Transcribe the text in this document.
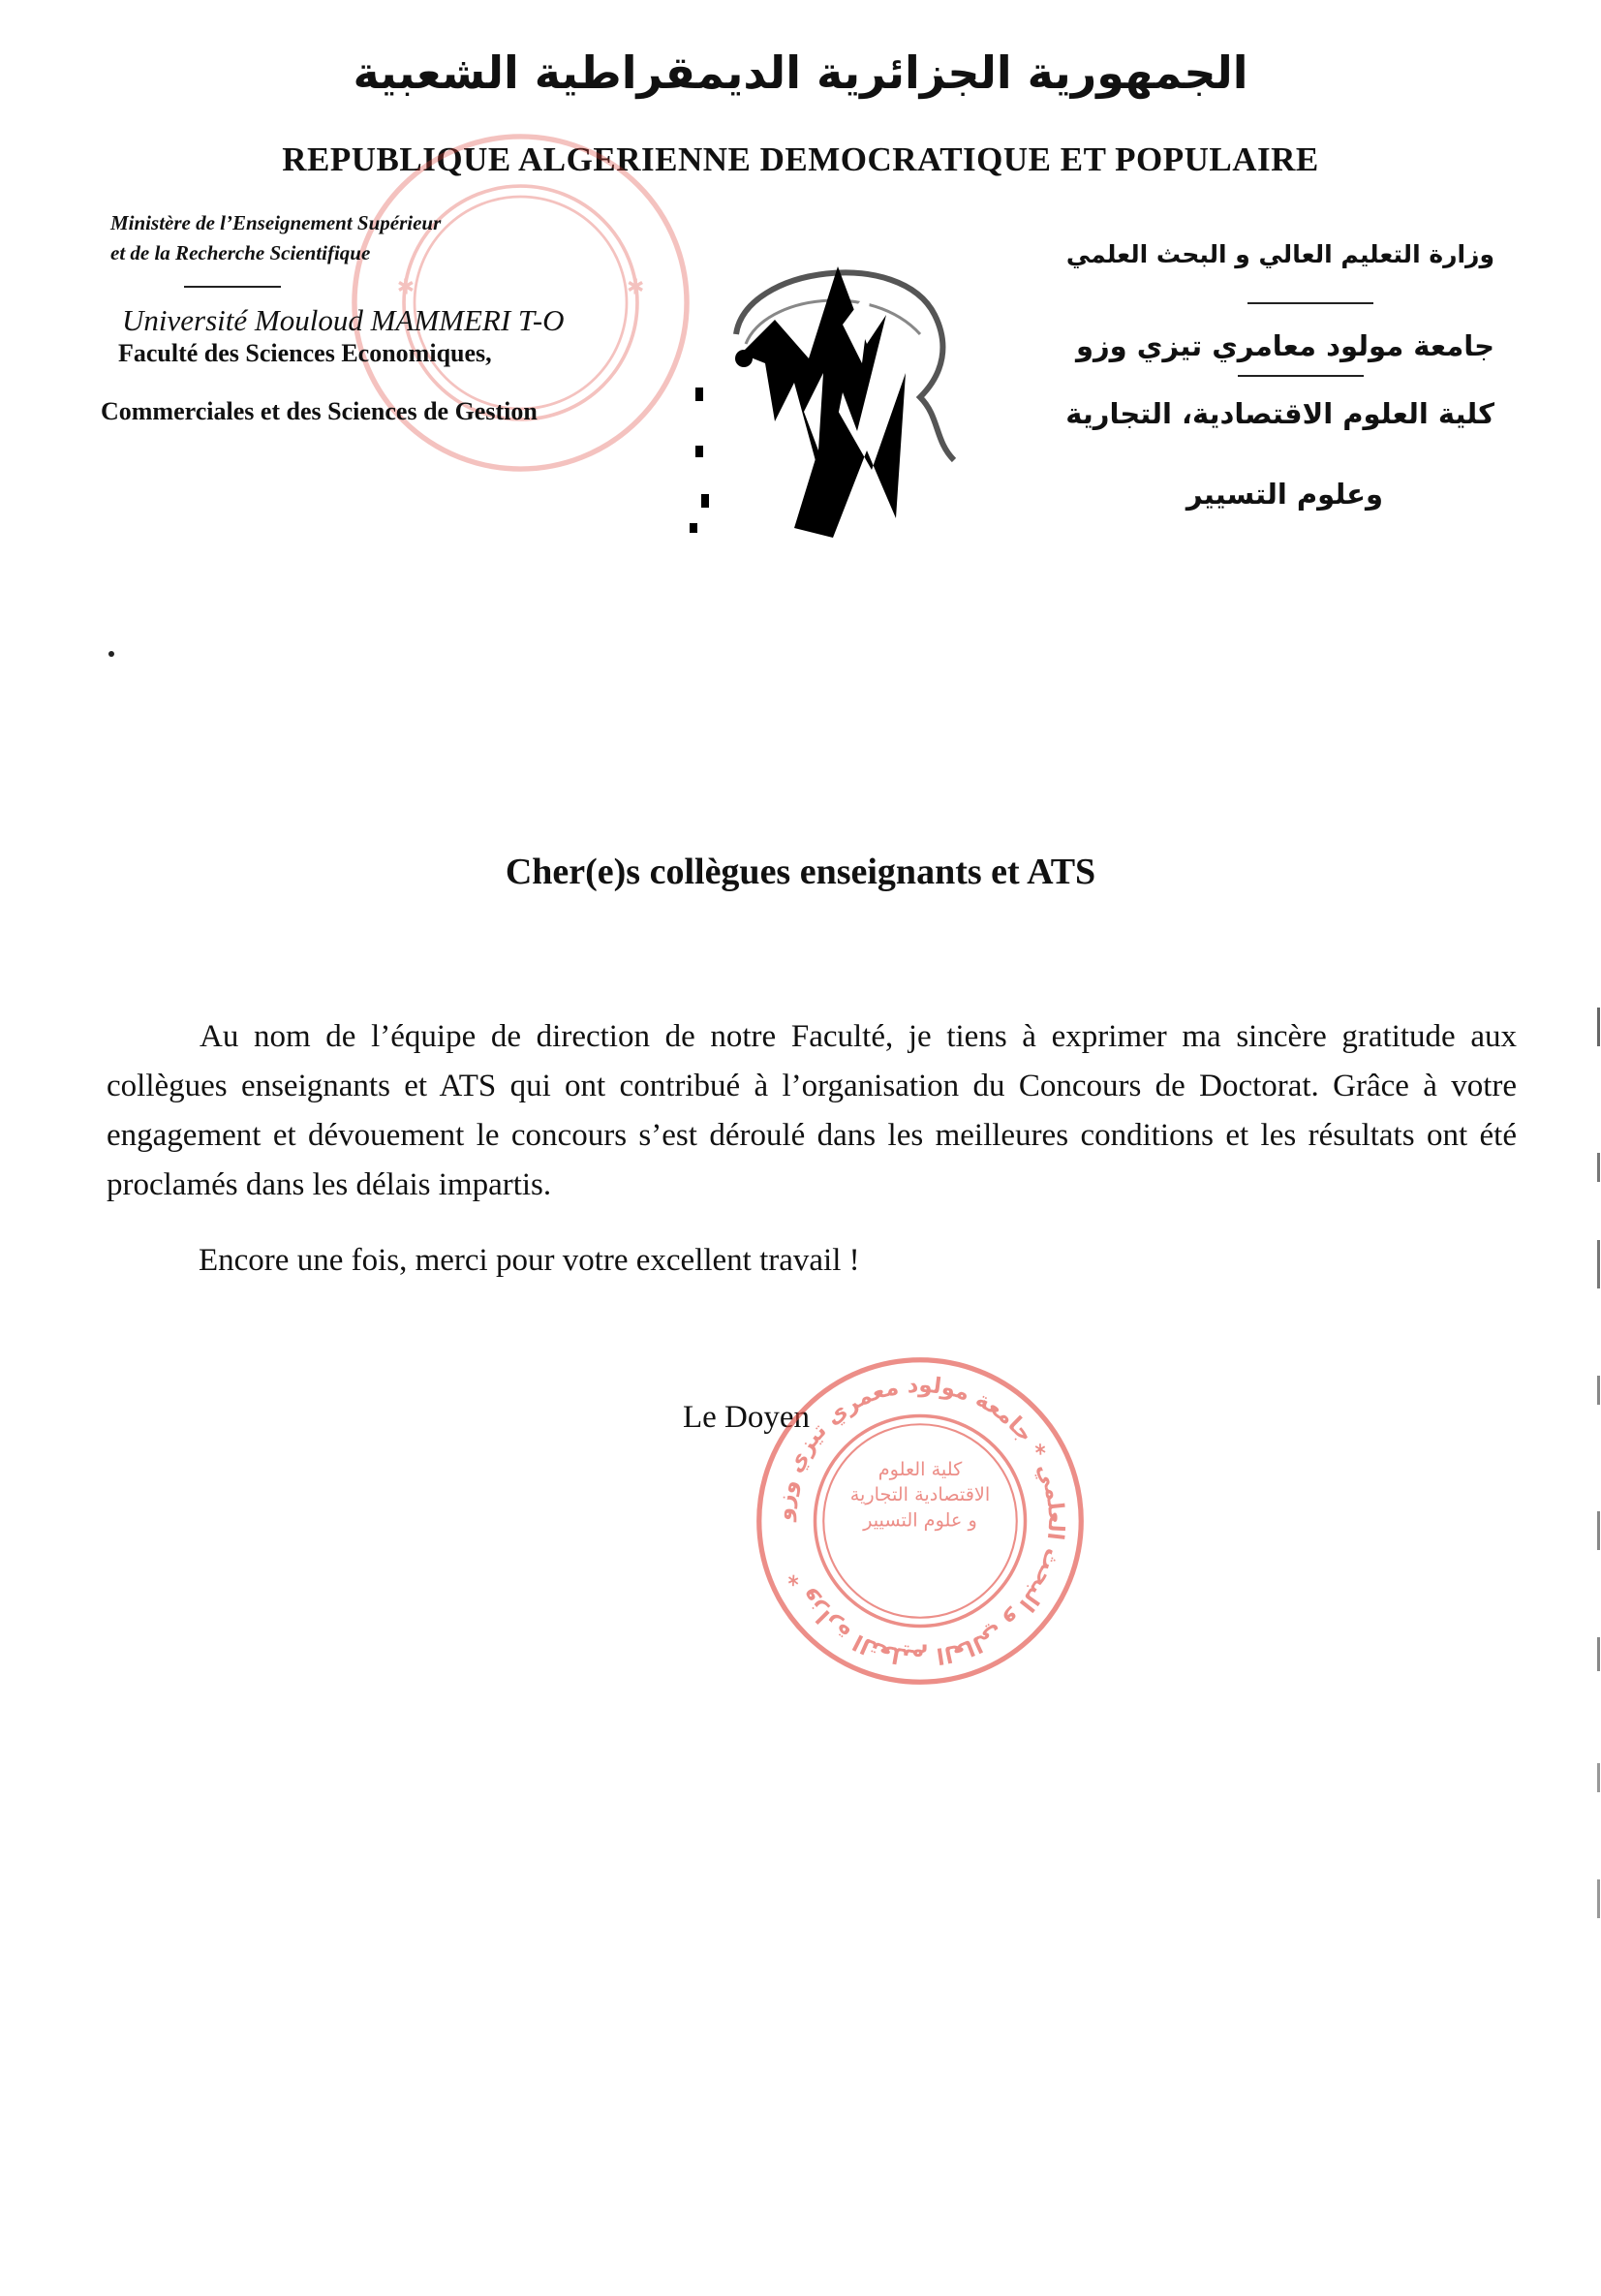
الجمهورية الجزائرية الديمقراطية الشعبية
REPUBLIQUE ALGERIENNE DEMOCRATIQUE ET POPULAIRE
✱	✱
Ministère de l’Enseignement Supérieur
et de la Recherche Scientifique
Université Mouloud MAMMERI T-O
Faculté des Sciences Economiques,
Commerciales et des Sciences de Gestion
وزارة التعليم العالي و البحث العلمي
جامعة مولود معامري تيزي وزو
كلية العلوم الاقتصادية، التجارية
وعلوم التسيير
Cher(e)s collègues enseignants et ATS

Au nom de l’équipe de direction de notre Faculté, je tiens à exprimer ma sincère gratitude aux collègues enseignants et ATS qui ont contribué à l’organisation du Concours de Doctorat. Grâce à votre engagement et dévouement le concours s’est déroulé dans les meilleures conditions et les résultats ont été proclamés dans les délais impartis.

Encore une fois, merci pour votre excellent travail !
Le Doyen
وزارة التعليم العالي و البحث العلمي * جامعة مولود معمري تيزي وزو *
كلية العلوم الاقتصادية التجارية و علوم التسيير
